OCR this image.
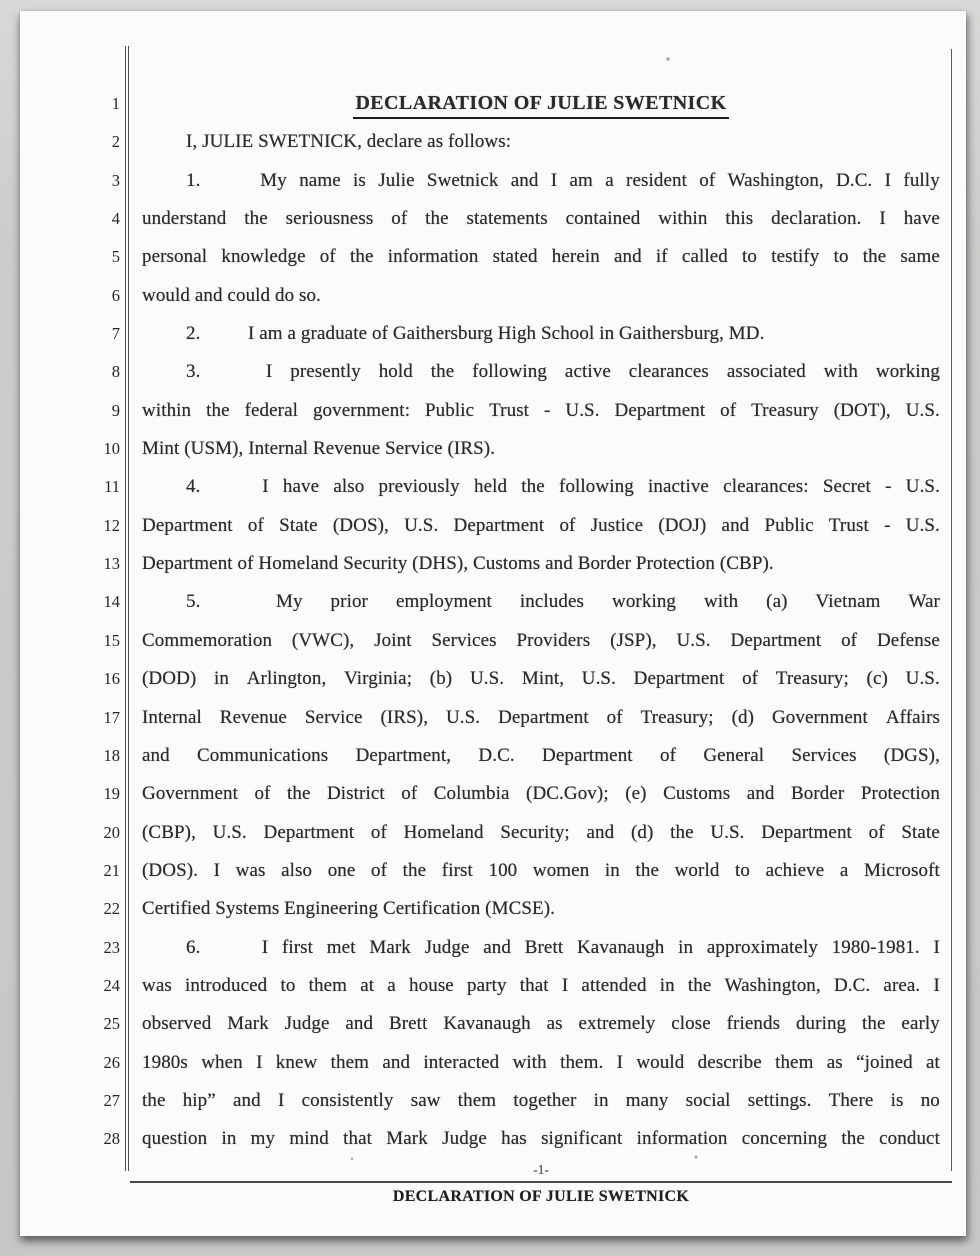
1
2
3
4
5
6
7
8
9
10
11
12
13
14
15
16
17
18
19
20
21
22
23
24
25
26
27
28
DECLARATION OF JULIE SWETNICK
I, JULIE SWETNICK, declare as follows:
1.	My name is Julie Swetnick and I am a resident of Washington, D.C. I fully
understand the seriousness of the statements contained within this declaration. I have
personal knowledge of the information stated herein and if called to testify to the same
would and could do so.
2.	I am a graduate of Gaithersburg High School in Gaithersburg, MD.
3.	I presently hold the following active clearances associated with working
within the federal government: Public Trust - U.S. Department of Treasury (DOT), U.S.
Mint (USM), Internal Revenue Service (IRS).
4.	I have also previously held the following inactive clearances: Secret - U.S.
Department of State (DOS), U.S. Department of Justice (DOJ) and Public Trust - U.S.
Department of Homeland Security (DHS), Customs and Border Protection (CBP).
5.	My prior employment includes working with (a) Vietnam War
Commemoration (VWC), Joint Services Providers (JSP), U.S. Department of Defense
(DOD) in Arlington, Virginia; (b) U.S. Mint, U.S. Department of Treasury; (c) U.S.
Internal Revenue Service (IRS), U.S. Department of Treasury; (d) Government Affairs
and Communications Department, D.C. Department of General Services (DGS),
Government of the District of Columbia (DC.Gov); (e) Customs and Border Protection
(CBP), U.S. Department of Homeland Security; and (d) the U.S. Department of State
(DOS). I was also one of the first 100 women in the world to achieve a Microsoft
Certified Systems Engineering Certification (MCSE).
6.	I first met Mark Judge and Brett Kavanaugh in approximately 1980-1981. I
was introduced to them at a house party that I attended in the Washington, D.C. area. I
observed Mark Judge and Brett Kavanaugh as extremely close friends during the early
1980s when I knew them and interacted with them. I would describe them as “joined at
the hip” and I consistently saw them together in many social settings. There is no
question in my mind that Mark Judge has significant information concerning the conduct
-1-
DECLARATION OF JULIE SWETNICK
